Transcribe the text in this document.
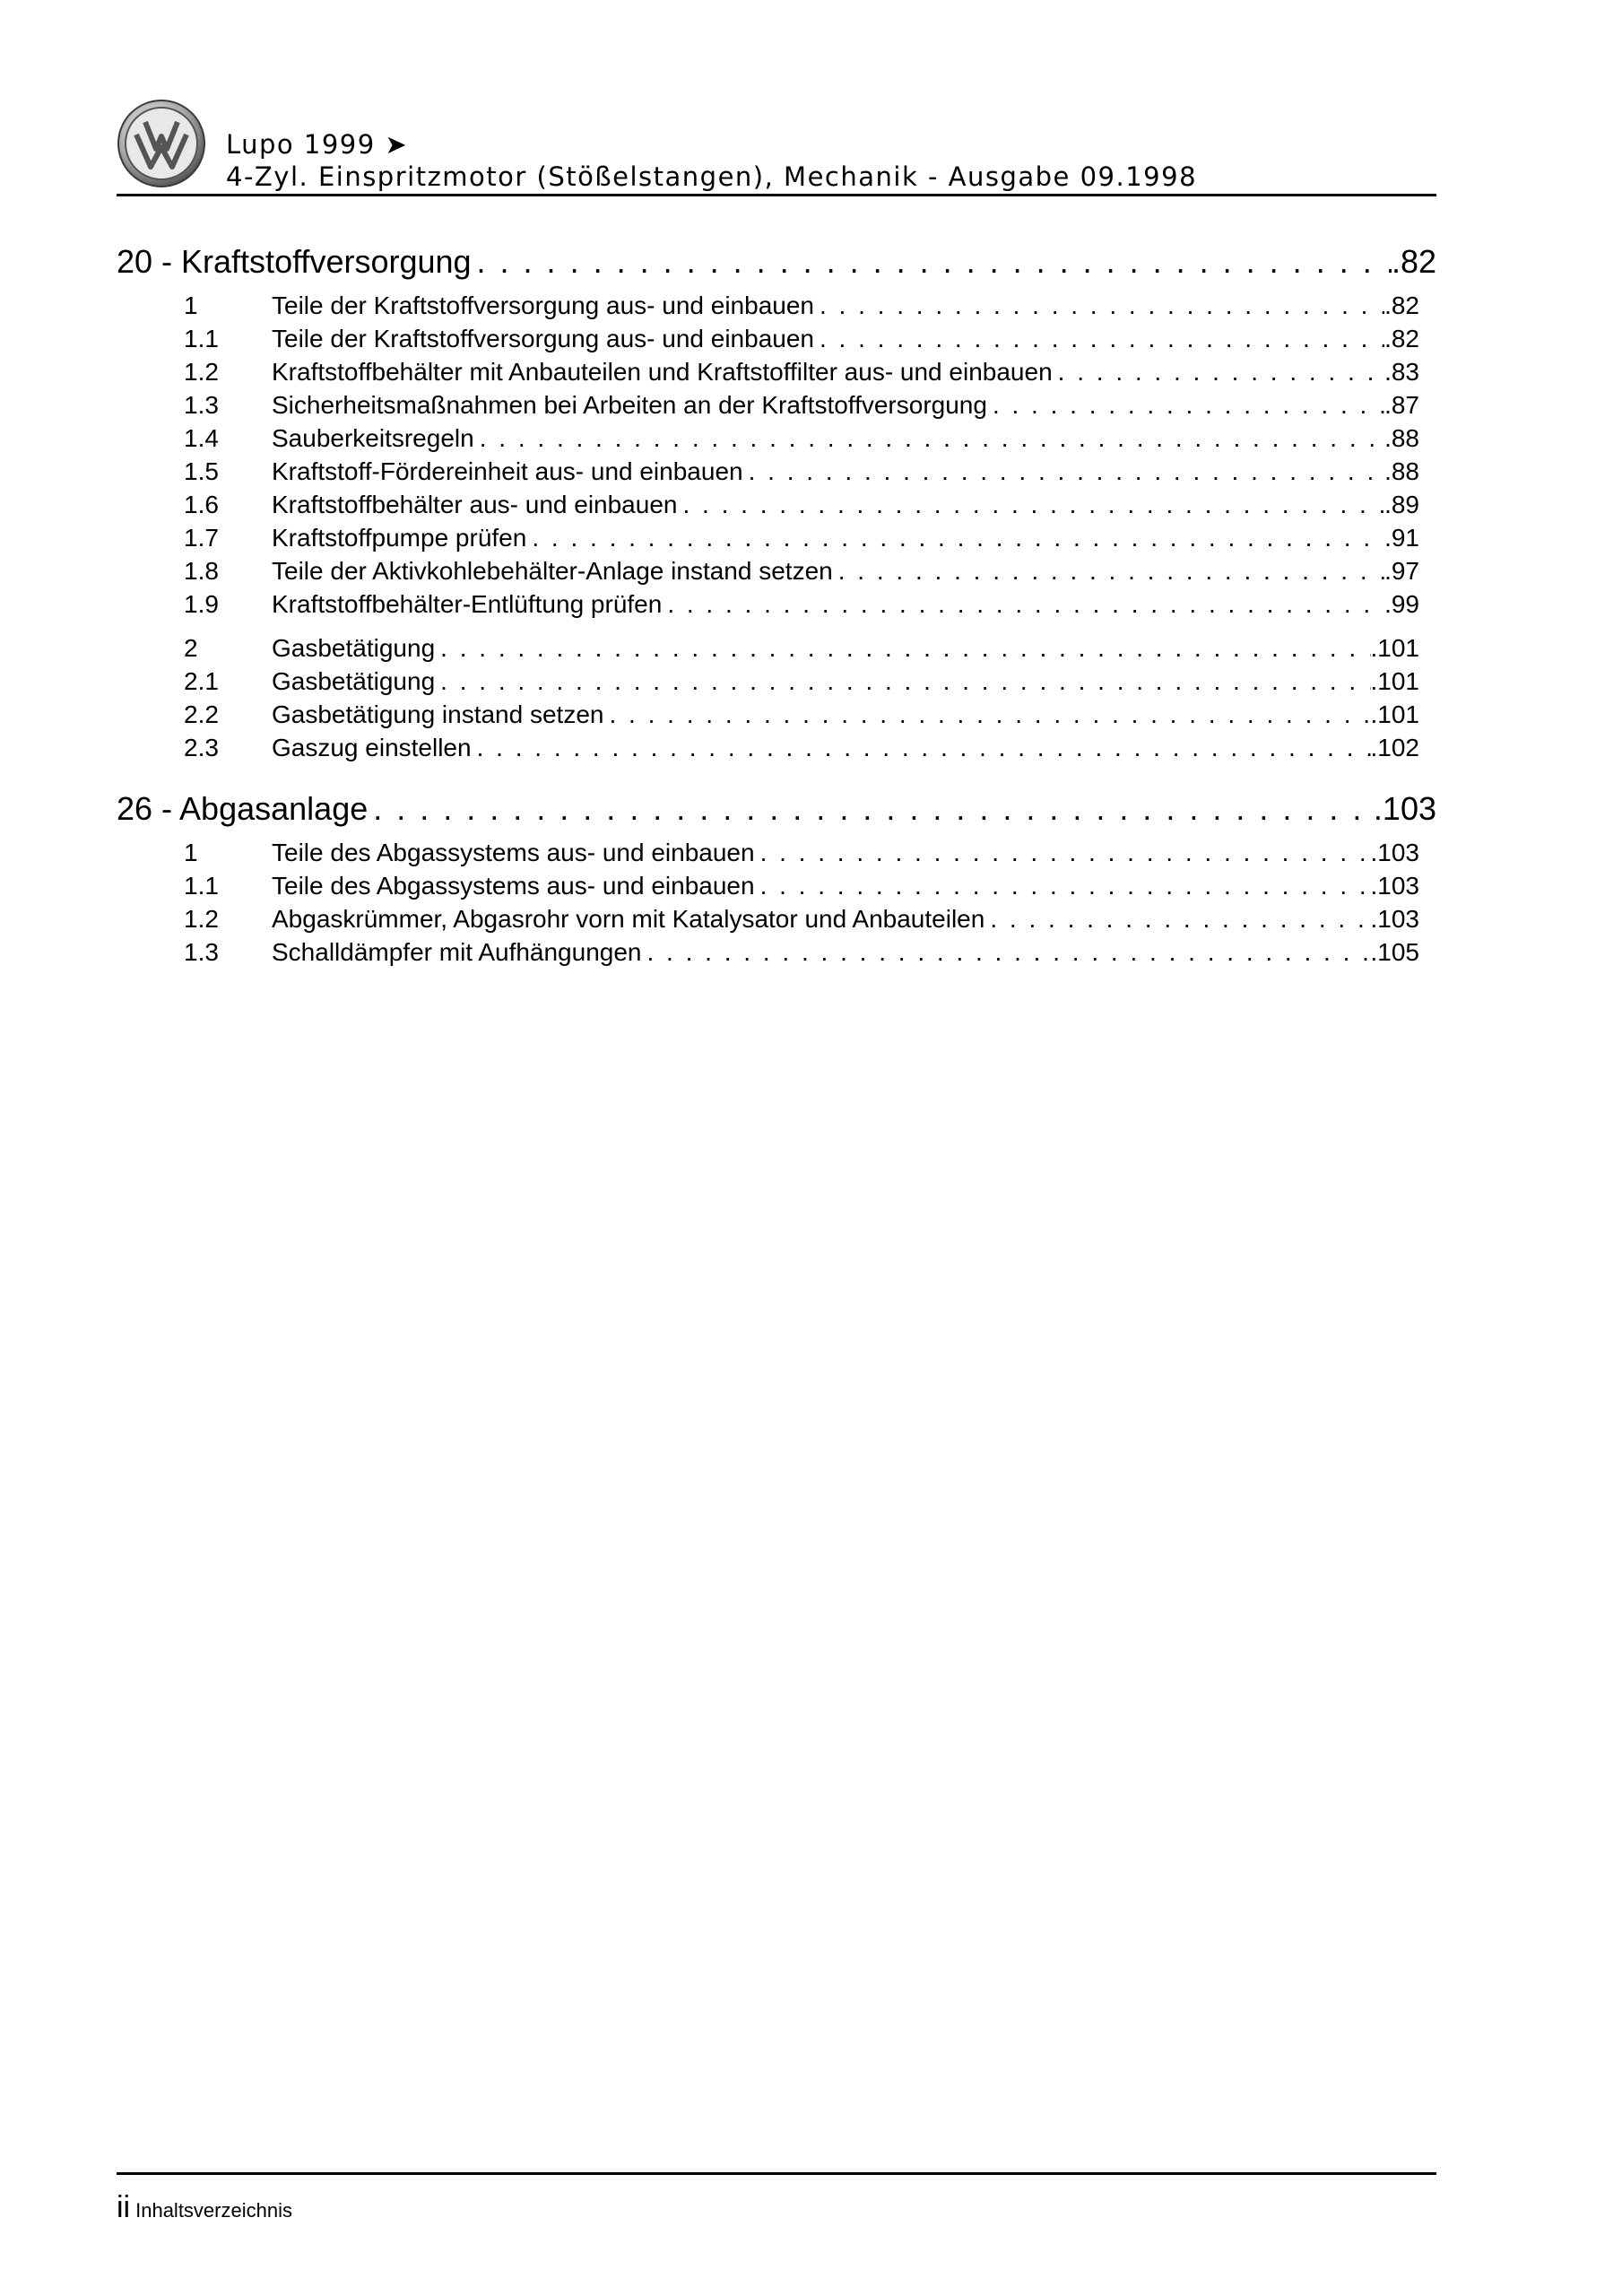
Lupo 1999 ➤
4-Zyl. Einspritzmotor (Stößelstangen), Mechanik - Ausgabe 09.1998
20 - Kraftstoffversorgung . . .	.82
1	Teile der Kraftstoffversorgung aus- und einbauen . . .	.82
1.1	Teile der Kraftstoffversorgung aus- und einbauen . . .	.82
1.2	Kraftstoffbehälter mit Anbauteilen und Kraftstoffilter aus- und einbauen . . .	.83
1.3	Sicherheitsmaßnahmen bei Arbeiten an der Kraftstoffversorgung . . .	.87
1.4	Sauberkeitsregeln . . .	.88
1.5	Kraftstoff-Fördereinheit aus- und einbauen . . .	.88
1.6	Kraftstoffbehälter aus- und einbauen . . .	.89
1.7	Kraftstoffpumpe prüfen . . .	.91
1.8	Teile der Aktivkohlebehälter-Anlage instand setzen . . .	.97
1.9	Kraftstoffbehälter-Entlüftung prüfen . . .	.99
2	Gasbetätigung . . .	.101
2.1	Gasbetätigung . . .	.101
2.2	Gasbetätigung instand setzen . . .	.101
2.3	Gaszug einstellen . . .	.102
26 - Abgasanlage . . .	.103
1	Teile des Abgassystems aus- und einbauen . . .	.103
1.1	Teile des Abgassystems aus- und einbauen . . .	.103
1.2	Abgaskrümmer, Abgasrohr vorn mit Katalysator und Anbauteilen . . .	.103
1.3	Schalldämpfer mit Aufhängungen . . .	.105
ii Inhaltsverzeichnis
